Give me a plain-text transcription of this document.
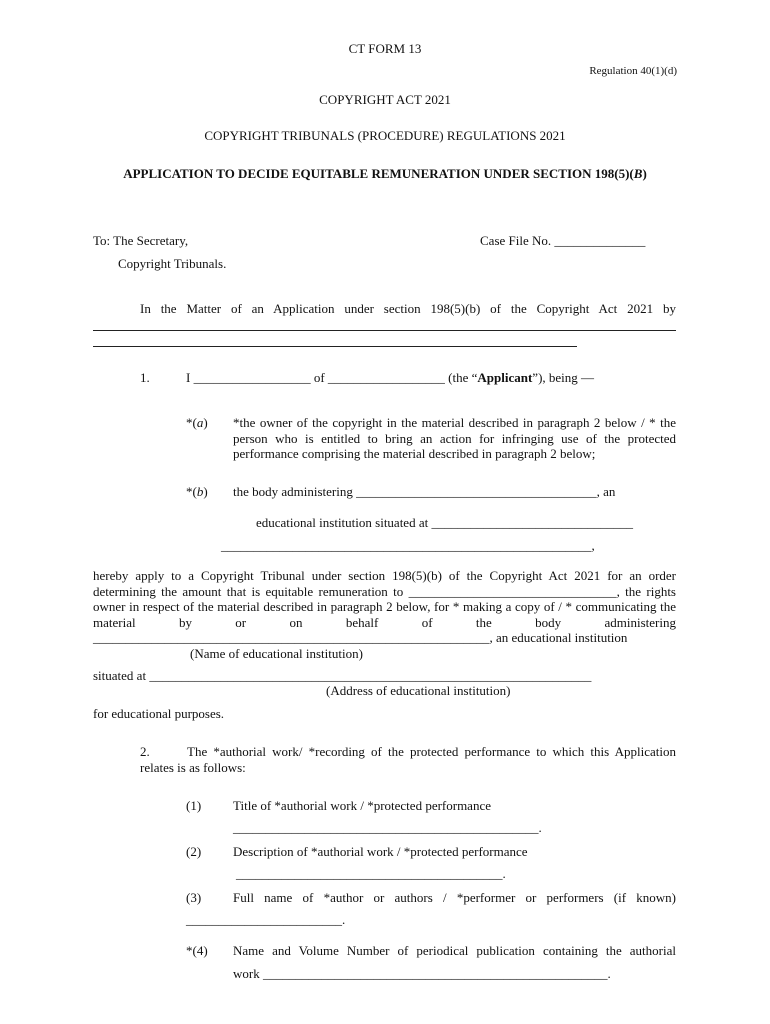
CT FORM 13
Regulation 40(1)(d)
COPYRIGHT ACT 2021
COPYRIGHT TRIBUNALS (PROCEDURE) REGULATIONS 2021
APPLICATION TO DECIDE EQUITABLE REMUNERATION UNDER SECTION 198(5)(B)
To: The Secretary,	Case File No. ______________
Copyright Tribunals.
In the Matter of an Application under section 198(5)(b) of the Copyright Act 2021 by
1.	I __________________ of __________________ (the “Applicant”), being —
*(a) *the owner of the copyright in the material described in paragraph 2 below / * the person who is entitled to bring an action for infringing use of the protected performance comprising the material described in paragraph 2 below;
*(b) the body administering _____________________________________, an
educational institution situated at _______________________________
_________________________________________________________,
hereby apply to a Copyright Tribunal under section 198(5)(b) of the Copyright Act 2021 for an order determining the amount that is equitable remuneration to ________________________________, the rights owner in respect of the material described in paragraph 2 below, for * making a copy of / * communicating the material by or on behalf of the body administering
_____________________________________________________________, an educational institution
(Name of educational institution)
situated at ____________________________________________________________________
(Address of educational institution)
for educational purposes.
2.	The *authorial work/ *recording of the protected performance to which this Application relates is as follows:
(1) Title of *authorial work / *protected performance
_______________________________________________.
(2) Description of *authorial work / *protected performance
_________________________________________.
(3) Full name of *author or authors / *performer or performers (if known)
________________________.
*(4) Name and Volume Number of periodical publication containing the authorial
work _____________________________________________________.
